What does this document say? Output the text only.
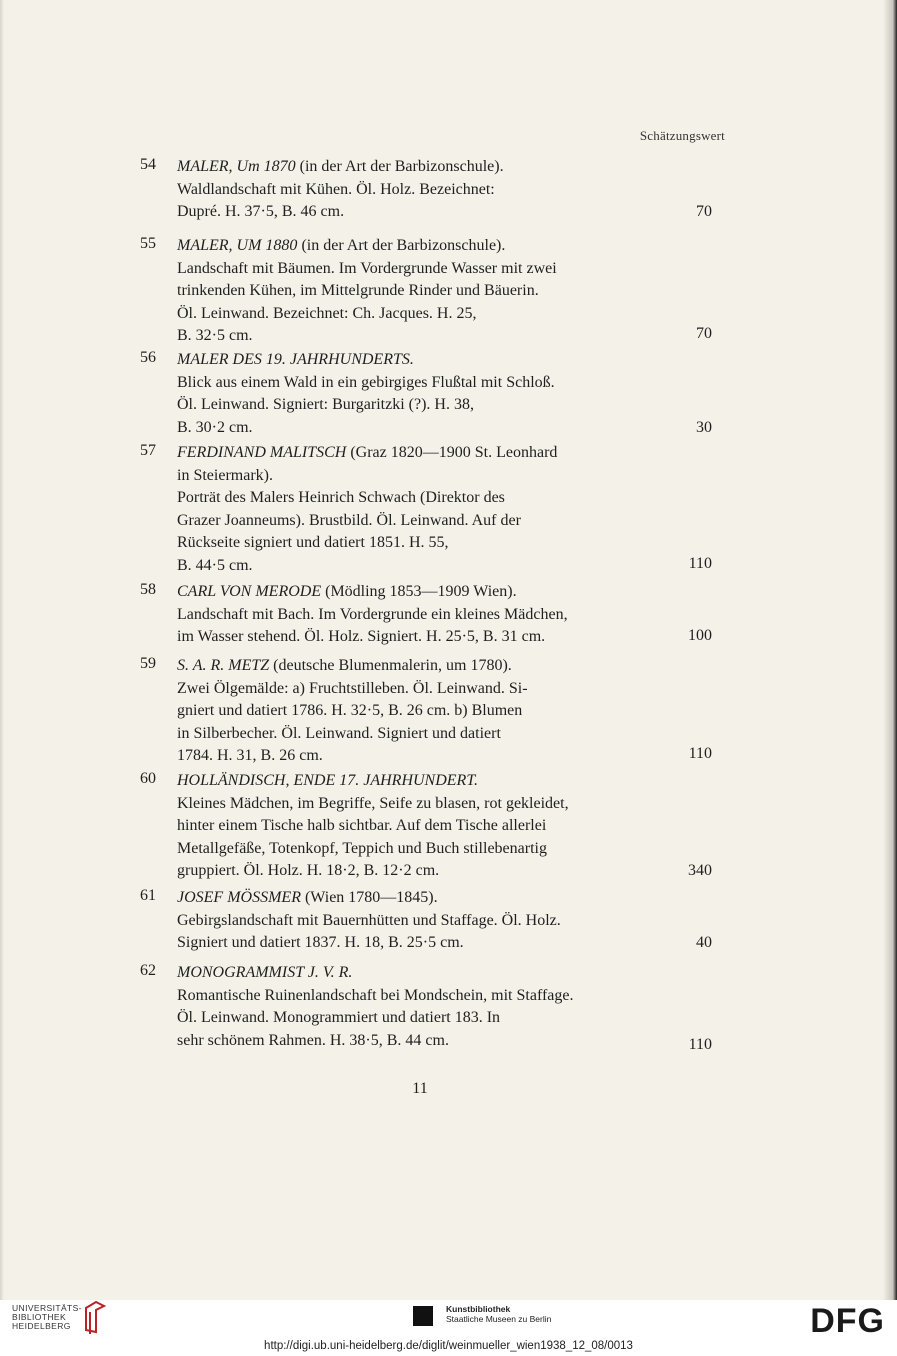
Schätzungswert
54 MALER, Um 1870 (in der Art der Barbizonschule).
Waldlandschaft mit Kühen. Öl. Holz. Bezeichnet:
Dupré. H. 37·5, B. 46 cm.	70
55 MALER, UM 1880 (in der Art der Barbizonschule).
Landschaft mit Bäumen. Im Vordergrunde Wasser mit zwei
trinkenden Kühen, im Mittelgrunde Rinder und Bäuerin.
Öl. Leinwand. Bezeichnet: Ch. Jacques. H. 25,
B. 32·5 cm.	70
56 MALER DES 19. JAHRHUNDERTS.
Blick aus einem Wald in ein gebirgiges Flußtal mit Schloß.
Öl. Leinwand. Signiert: Burgaritzki (?). H. 38,
B. 30·2 cm.	30
57 FERDINAND MALITSCH (Graz 1820—1900 St. Leonhard
in Steiermark).
Porträt des Malers Heinrich Schwach (Direktor des
Grazer Joanneums). Brustbild. Öl. Leinwand. Auf der
Rückseite signiert und datiert 1851. H. 55,
B. 44·5 cm.	110
58 CARL VON MERODE (Mödling 1853—1909 Wien).
Landschaft mit Bach. Im Vordergrunde ein kleines Mädchen,
im Wasser stehend. Öl. Holz. Signiert. H. 25·5, B. 31 cm.	100
59 S. A. R. METZ (deutsche Blumenmalerin, um 1780).
Zwei Ölgemälde: a) Fruchtstilleben. Öl. Leinwand. Si-
gniert und datiert 1786. H. 32·5, B. 26 cm. b) Blumen
in Silberbecher. Öl. Leinwand. Signiert und datiert
1784. H. 31, B. 26 cm.	110
60 HOLLÄNDISCH, ENDE 17. JAHRHUNDERT.
Kleines Mädchen, im Begriffe, Seife zu blasen, rot gekleidet,
hinter einem Tische halb sichtbar. Auf dem Tische allerlei
Metallgefäße, Totenkopf, Teppich und Buch stillebenartig
gruppiert. Öl. Holz. H. 18·2, B. 12·2 cm.	340
61 JOSEF MÖSSMER (Wien 1780—1845).
Gebirgslandschaft mit Bauernhütten und Staffage. Öl. Holz.
Signiert und datiert 1837. H. 18, B. 25·5 cm.	40
62 MONOGRAMMIST J. V. R.
Romantische Ruinenlandschaft bei Mondschein, mit Staffage.
Öl. Leinwand. Monogrammiert und datiert 183. In
sehr schönem Rahmen. H. 38·5, B. 44 cm.	110
11
UNIVERSITÄTS-
BIBLIOTHEK
HEIDELBERG
Kunstbibliothek
Staatliche Museen zu Berlin	DFG
http://digi.ub.uni-heidelberg.de/diglit/weinmueller_wien1938_12_08/0013
